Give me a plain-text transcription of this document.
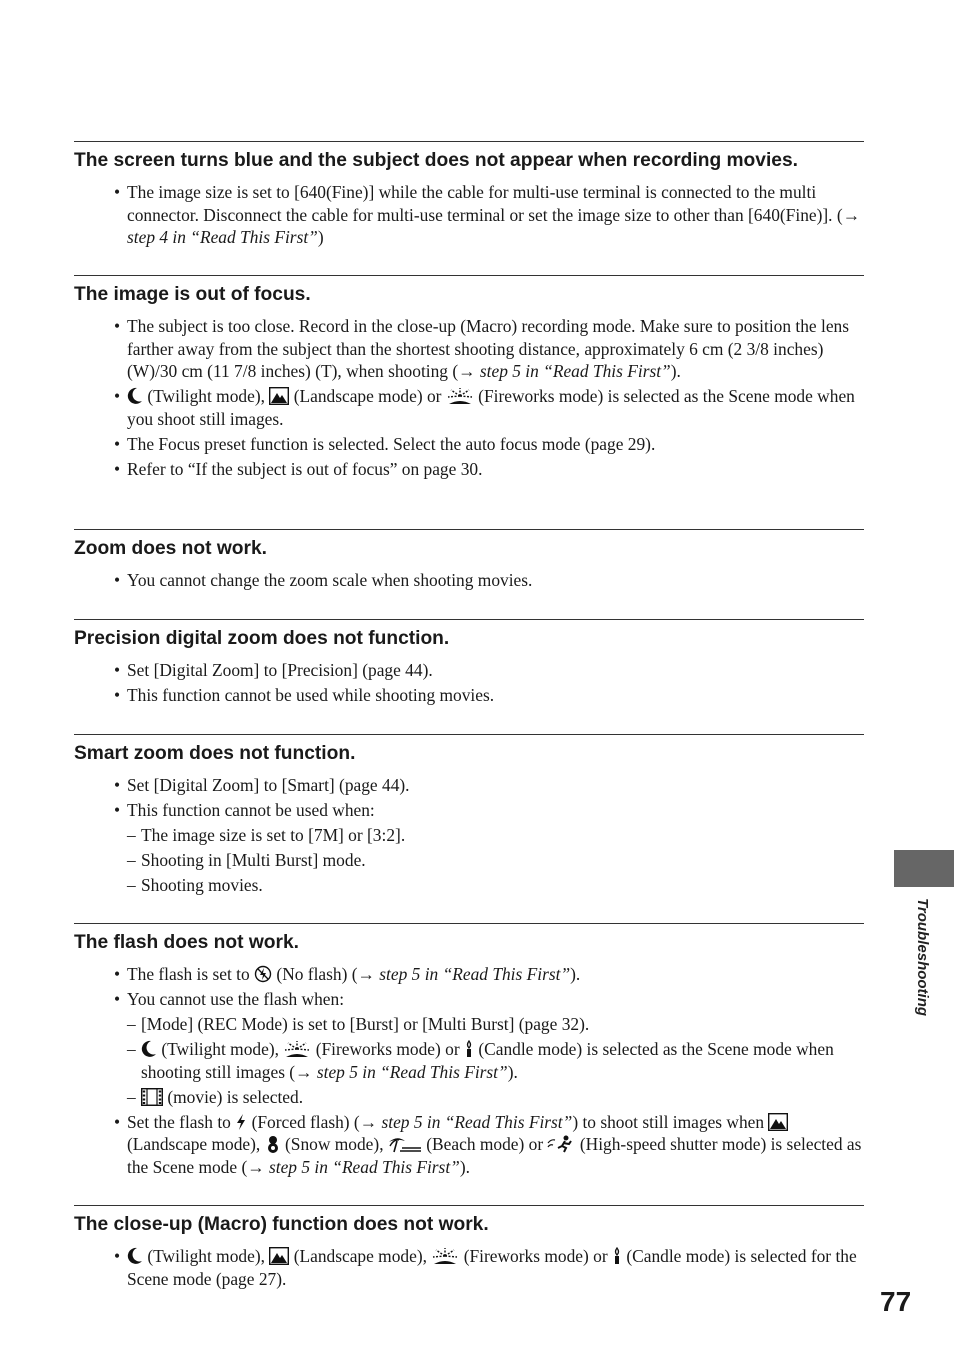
The screen turns blue and the subject does not appear when recording movies.
• The image size is set to [640(Fine)] while the cable for multi-use terminal is connected to the multi connector. Disconnect the cable for multi-use terminal or set the image size to other than [640(Fine)]. (→ step 4 in “Read This First”)
The image is out of focus.
• The subject is too close. Record in the close-up (Macro) recording mode. Make sure to position the lens farther away from the subject than the shortest shooting distance, approximately 6 cm (2 3/8 inches) (W)/30 cm (11 7/8 inches) (T), when shooting (→ step 5 in “Read This First”).
•	(Twilight mode), (Landscape mode) or (Fireworks mode) is selected as the Scene mode when you shoot still images.
• The Focus preset function is selected. Select the auto focus mode (page 29).
• Refer to “If the subject is out of focus” on page 30.
Zoom does not work.
• You cannot change the zoom scale when shooting movies.
Precision digital zoom does not function.
• Set [Digital Zoom] to [Precision] (page 44).
• This function cannot be used while shooting movies.
Smart zoom does not function.
• Set [Digital Zoom] to [Smart] (page 44).
• This function cannot be used when:
– The image size is set to [7M] or [3:2].
– Shooting in [Multi Burst] mode.
– Shooting movies.
The flash does not work.
• The flash is set to (No flash) (→ step 5 in “Read This First”).
• You cannot use the flash when:
– [Mode] (REC Mode) is set to [Burst] or [Multi Burst] (page 32).
–	(Twilight mode), (Fireworks mode) or (Candle mode) is selected as the Scene mode when shooting still images (→ step 5 in “Read This First”).
–	(movie) is selected.
• Set the flash to (Forced flash) (→ step 5 in “Read This First”) to shoot still images when
(Landscape mode), (Snow mode), (Beach mode) or (High-speed shutter mode) is selected as the Scene mode (→ step 5 in “Read This First”).
The close-up (Macro) function does not work.
•	(Twilight mode), (Landscape mode), (Fireworks mode) or (Candle mode) is selected for the Scene mode (page 27).
Troubleshooting
77
